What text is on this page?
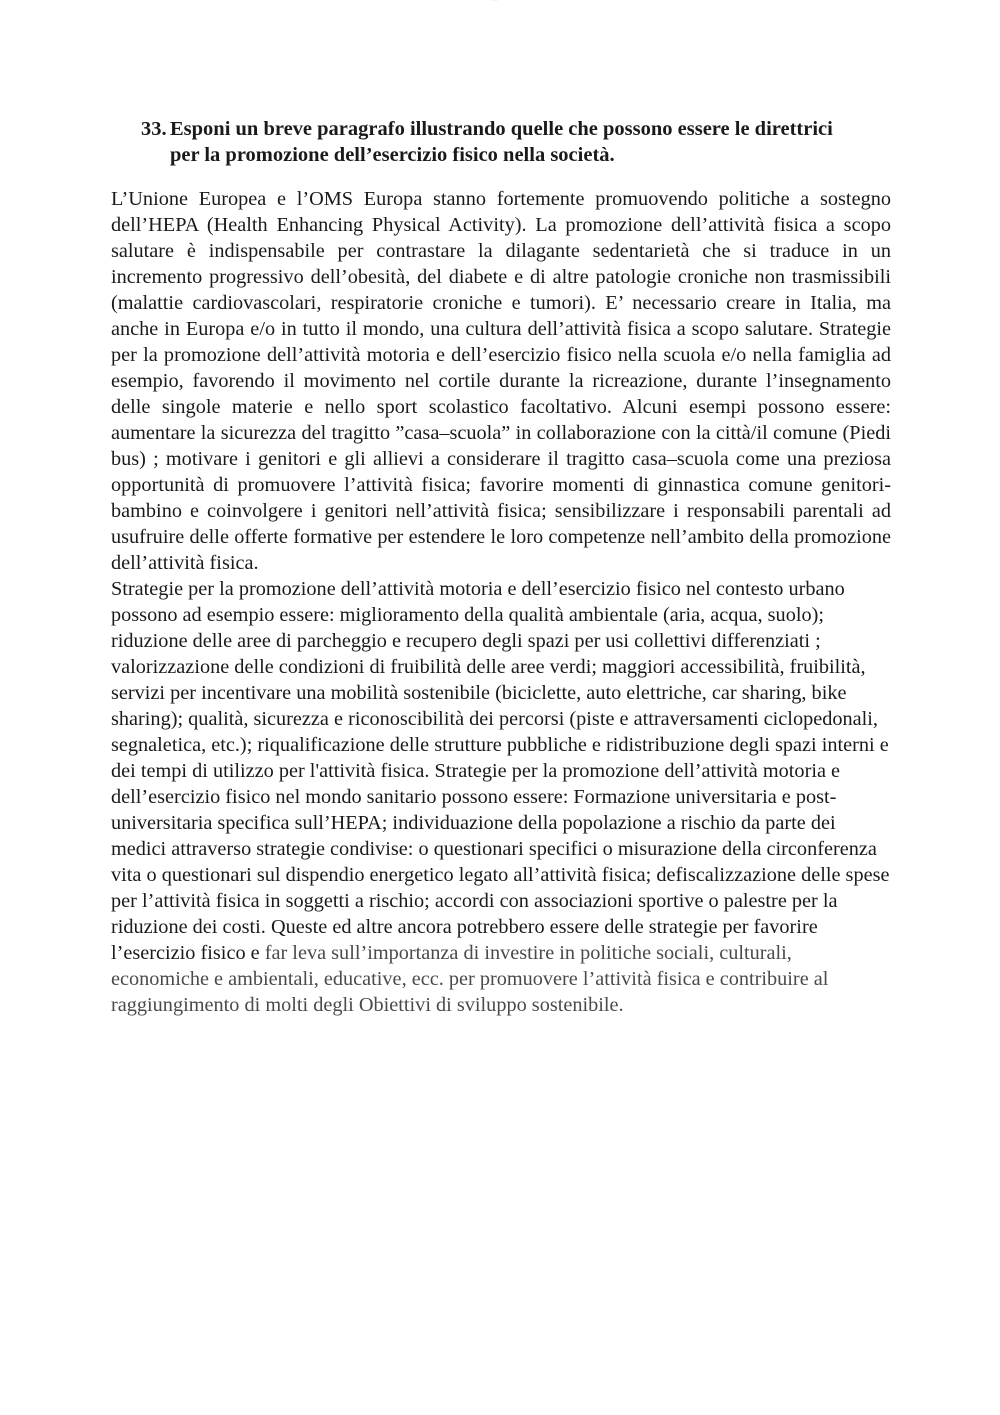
·······
33. Esponi un breve paragrafo illustrando quelle che possono essere le direttrici per la promozione dell’esercizio fisico nella società.

L’Unione Europea e l’OMS Europa stanno fortemente promuovendo politiche a sostegno dell’HEPA (Health Enhancing Physical Activity). La promozione dell’attività fisica a scopo salutare è indispensabile per contrastare la dilagante sedentarietà che si traduce in un incremento progressivo dell’obesità, del diabete e di altre patologie croniche non trasmissibili (malattie cardiovascolari, respiratorie croniche e tumori). E’ necessario creare in Italia, ma anche in Europa e/o in tutto il mondo, una cultura dell’attività fisica a scopo salutare. Strategie per la promozione dell’attività motoria e dell’esercizio fisico nella scuola e/o nella famiglia ad esempio, favorendo il movimento nel cortile durante la ricreazione, durante l’insegnamento delle singole materie e nello sport scolastico facoltativo. Alcuni esempi possono essere: aumentare la sicurezza del tragitto ”casa–scuola” in collaborazione con la città/il comune (Piedi bus) ; motivare i genitori e gli allievi a considerare il tragitto casa–scuola come una preziosa opportunità di promuovere l’attività fisica; favorire momenti di ginnastica comune genitori-bambino e coinvolgere i genitori nell’attività fisica; sensibilizzare i responsabili parentali ad usufruire delle offerte formative per estendere le loro competenze nell’ambito della promozione dell’attività fisica.

Strategie per la promozione dell’attività motoria e dell’esercizio fisico nel contesto urbano possono ad esempio essere: miglioramento della qualità ambientale (aria, acqua, suolo); riduzione delle aree di parcheggio e recupero degli spazi per usi collettivi differenziati ; valorizzazione delle condizioni di fruibilità delle aree verdi; maggiori accessibilità, fruibilità, servizi per incentivare una mobilità sostenibile (biciclette, auto elettriche, car sharing, bike sharing); qualità, sicurezza e riconoscibilità dei percorsi (piste e attraversamenti ciclopedonali, segnaletica, etc.); riqualificazione delle strutture pubbliche e ridistribuzione degli spazi interni e dei tempi di utilizzo per l'attività fisica. Strategie per la promozione dell’attività motoria e dell’esercizio fisico nel mondo sanitario possono essere: Formazione universitaria e post-universitaria specifica sull’HEPA; individuazione della popolazione a rischio da parte dei medici attraverso strategie condivise: o questionari specifici o misurazione della circonferenza vita o questionari sul dispendio energetico legato all’attività fisica; defiscalizzazione delle spese per l’attività fisica in soggetti a rischio; accordi con associazioni sportive o palestre per la riduzione dei costi. Queste ed altre ancora potrebbero essere delle strategie per favorire l’esercizio fisico e far leva sull’importanza di investire in politiche sociali, culturali, economiche e ambientali, educative, ecc. per promuovere l’attività fisica e contribuire al raggiungimento di molti degli Obiettivi di sviluppo sostenibile.
